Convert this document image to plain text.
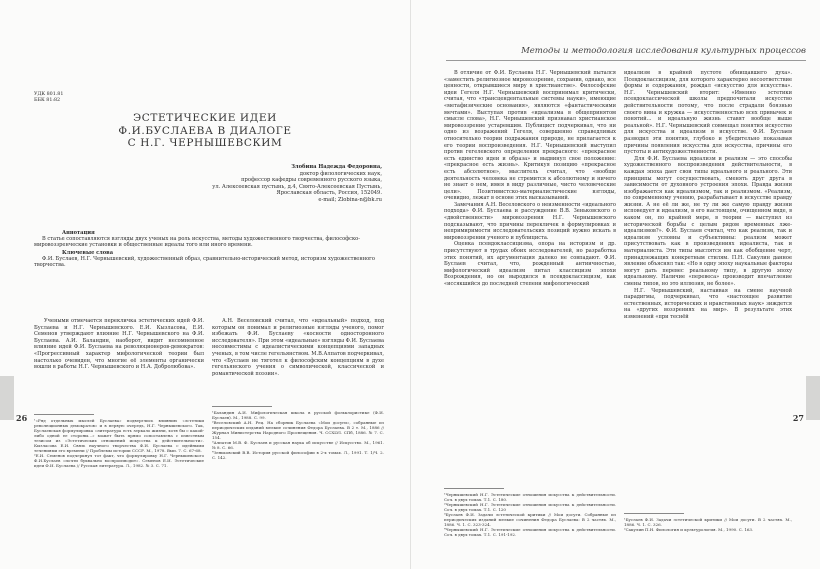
26
УДК 801.81
ББК 81:82
ЭСТЕТИЧЕСКИЕ ИДЕИ
Ф.И.БУСЛАЕВА В ДИАЛОГЕ
С Н.Г. ЧЕРНЫШЕВСКИМ
Злобина Надежда Федоровна,
доктор филологических наук,
профессор кафедры современного русского языка,
ул. Алексеевская пустынь, д.4, Свято-Алексеевская Пустынь,
Ярославская область, Россия, 152049.
e-mail; Zlobina-n@bk.ru
Аннотация
В статье сопоставляются взгляды двух ученых на роль искусства, методы художественного творчества, философско-мировоззренческие установки и общественные идеалы того или иного времени.
Ключевые слова
Ф.И. Буслаев, Н.Г. Чернышевский, художественный образ, сравнительно-исторический метод, историзм художественного творчества.
Учеными отмечается перекличка эстетических идей Ф.И. Буслаева и Н.Г. Чернышевского. Е.И. Кызласова, Е.И. Семенов утверждают влияние Н.Г. Чернышевского на Ф.И. Буслаева. А.И. Баландин, наоборот, видит несомненное влияние идей Ф.И. Буслаева на революционеров-демократов: «Прогрессивный характер мифологической теории был настолько очевиден, что многие её элементы органически вошли в работы Н.Г. Чернышевского и Н.А. Добролюбова».
А.Н. Веселовский считал, что «идеальный» подход, под которым он понимал и религиозные взгляды ученого, помог избежать Ф.И. Буслаеву «косности односторонного исследователя». При этом «идеальные» взгляды Ф.И. Буслаева несовместимы с идеалистическими концепциями западных ученых, в том числе гегельянством. М.В.Алпатов подчеркивал, что «Буслаев не тяготел к философским концепциям в духе гегельянского учения о символической, классической и романтической поэзии».
¹«Ряд отдельных мыслей Буслаева» подверглись влиянию «эстетики революционных демократов» и в первую очередь, Н.Г. Чернышевского. Так, Буслаевская формулировка «литература есть зеркало жизни, хотя бы с какой-либо одной ее стороны...» может быть прямо сопоставлена с известным тезисом из «Эстетических отношений искусства к действительности». Кызласова Е.И. Связь научного творчества Ф.И. Буслаева с идейными течениями его времени // Проблемы истории СССР. М., 1978. Вып. 7. С. 67-68.
²Е.И. Семенов подчеркнул тот факт, что формулировку Н.Г. Чернышевского Ф.И.Буслаев «почти буквально воспроизводит». Семенов Е.И. Эстетические идеи Ф.И. Буслаева // Русская литература. Л., 1982. № 3. С. 71.
¹Баландин А.И. Мифологическая школа в русской фольклористике (Ф.И. Буслаев). М., 1988. С. 99.
²Веселовский А.Н. Рец. На сборник Буслаева «Мои досуги», собранные из периодических изданий мелкие сочинения Федора Буслаева. В 2 т. М., 1886 // Журнал Министерства Народного Просвещения. Ч. CCXLVI. СПб, 1886. № 7. С. 154.
³Алпатов М.В. Ф. Буслаев и русская наука об искусстве // Искусство. М., 1961. № 8. С. 66.
⁴Зеньковский В.В. История русской философии в 2-х томах. Л., 1991. Т. 1/Ч. 2. С. 142.
Методы и методология исследования культурных процессов
27
В отличие от Ф.И. Буслаева Н.Г. Чернышевский пытался «заместить религиозное мировоззрение, сохранив, однако, все ценности, открывшиеся миру в христианстве». Философские идеи Гегеля Н.Г. Чернышевский воспринимал критически, считая, что «трансцендентальные системы науки», имеющие «метафизические основания», являются «фантастическими мечтами». Выступая против «идеализма в общепринятом смысле слова», Н.Г. Чернышевский признавал христианское мировоззрение устаревшим. Публицист подчеркивал, что ни одно из возражений Гегеля, совершенно справедливых относительно теории подражания природе, не прилагается к его теории воспроизведения. Н.Г. Чернышевский выступил против гегелевского определения прекрасного: «прекрасное есть единство идеи и образа» и выдвинул свое положение: «прекрасное есть жизнь». Критикуя позицию «прекрасное есть абсолютное», мыслитель считал, что «вообще деятельность человека не стремится к абсолютному и ничего не знает о нем, имея в виду различные, чисто человеческие цели». Позитивистско-материалистические взгляды, очевидно, лежат в основе этих высказываний.
Замечания А.Н. Веселовского о неизменности «идеального подхода» Ф.И. Буслаева и рассуждение В.В. Зеньковского о «двойственности» мировоззрения Н.Г. Чернышевского подсказывают, что причины перекличек в формулировках и непримиримости исследовательских позиций нужно искать в мировоззрении ученого и публициста.
Оценка псевдоклассицизма, опора на историзм и др. присутствуют в трудах обоих исследователей, но разработка этих понятий, их аргументация далеко не совпадают. Ф.И. Буслаев считал, что, рожденный антиичностью, мифологический идеализм питал классицизм эпохи Возрождения, но он выродился в псевдоклассицизм, как «иссякшийся до последней степени мифологический
идеализм в крайней пустоте обнищавшего духа». Псевдоклассицизм, для которого характерно несоответствие формы и содержания, рождал «искусство для искусства». Н.Г. Чернышевский вторит: «Именно эстетики псевдоклассической школы предпочитали искусство действительности потому, что после страдали боязнью своего вина и кружка — искусственностью всех привычек и понятий... и идеальную жизнь ставят вообще выше реальной». Н.Г. Чернышевский совмещал понятия искусство для искусства и идеализм в искусстве. Ф.И. Буслаев разводил эти понятия, глубоко и убедительно показывая причины появления искусства для искусства, причины его пустоты и антихудожественности.
Для Ф.И. Буслаева идеализм и реализм — это способы художественного воспроизведения действительности, в каждая эпоха дает свои типы идеального и реального. Эти принципы могут сосуществовать, сменять друг друга в зависимости от духовного устроения эпохи. Правда жизни изображается как идеализмом, так и реализмом. «Реализм, по современному учению, разрабатывает в искусстве правду жизни. А не её ли же, не ту ли же самую правду жизни исповедует и идеализм, в его настоящем, очищенном виде, в каком он, по крайней мере, в теории — выступил из исторической борьбы с целым рядом временных лже-идеализмов?». Ф.И. Буслаев считал, что как реализм, так и идеализм условны и субъективны: реализм может присутствовать как в произведениях идеалиста, так и материалиста. Эти типы мыслятся им как обобщение черт, принадлежащих конкретным стилям. П.Н. Сакулин данное явление объяснял так: «Но в одну эпоху наукальные факторы могут дать перевес реальному типу, в другую эпоху идеальному. Наличие «перевеса» производит впечатление смены типов, но это иллюзия, не более».
Н.Г. Чернышевский, настаивая на смене научной парадигмы, подчеркивал, что «настоящее развитие естественных, исторических и нравственных наук» зиждется на «других воззрениях на мир». В результате этих изменений «при теснёй
¹Чернышевский Н.Г. Эстетические отношения искусства к действительности. Соч. в двух томах. Т.1. С. 180.
²Чернышевский Н.Г. Эстетические отношения искусства к действительности. Соч. в двух томах. Т.1. С. 120
³Буслаев Ф.И. Задачи эстетической критики // Мои досуги. Собранные из периодических изданий мелкие сочинения Федора Буслаева: В 2 частях. М., 1886. Ч. 1. С. 323-324.
⁴Чернышевский Н.Г. Эстетические отношения искусства к действительности. Соч. в двух томах. Т.1. С. 191-192.
¹Буслаев Ф.И. Задачи эстетической критики // Мои досуги. В 2 частях. М., 1886. Ч. 1. С. 326.
²Сакулин П.Н. Филология и культурология. М., 1990. С. 163.
